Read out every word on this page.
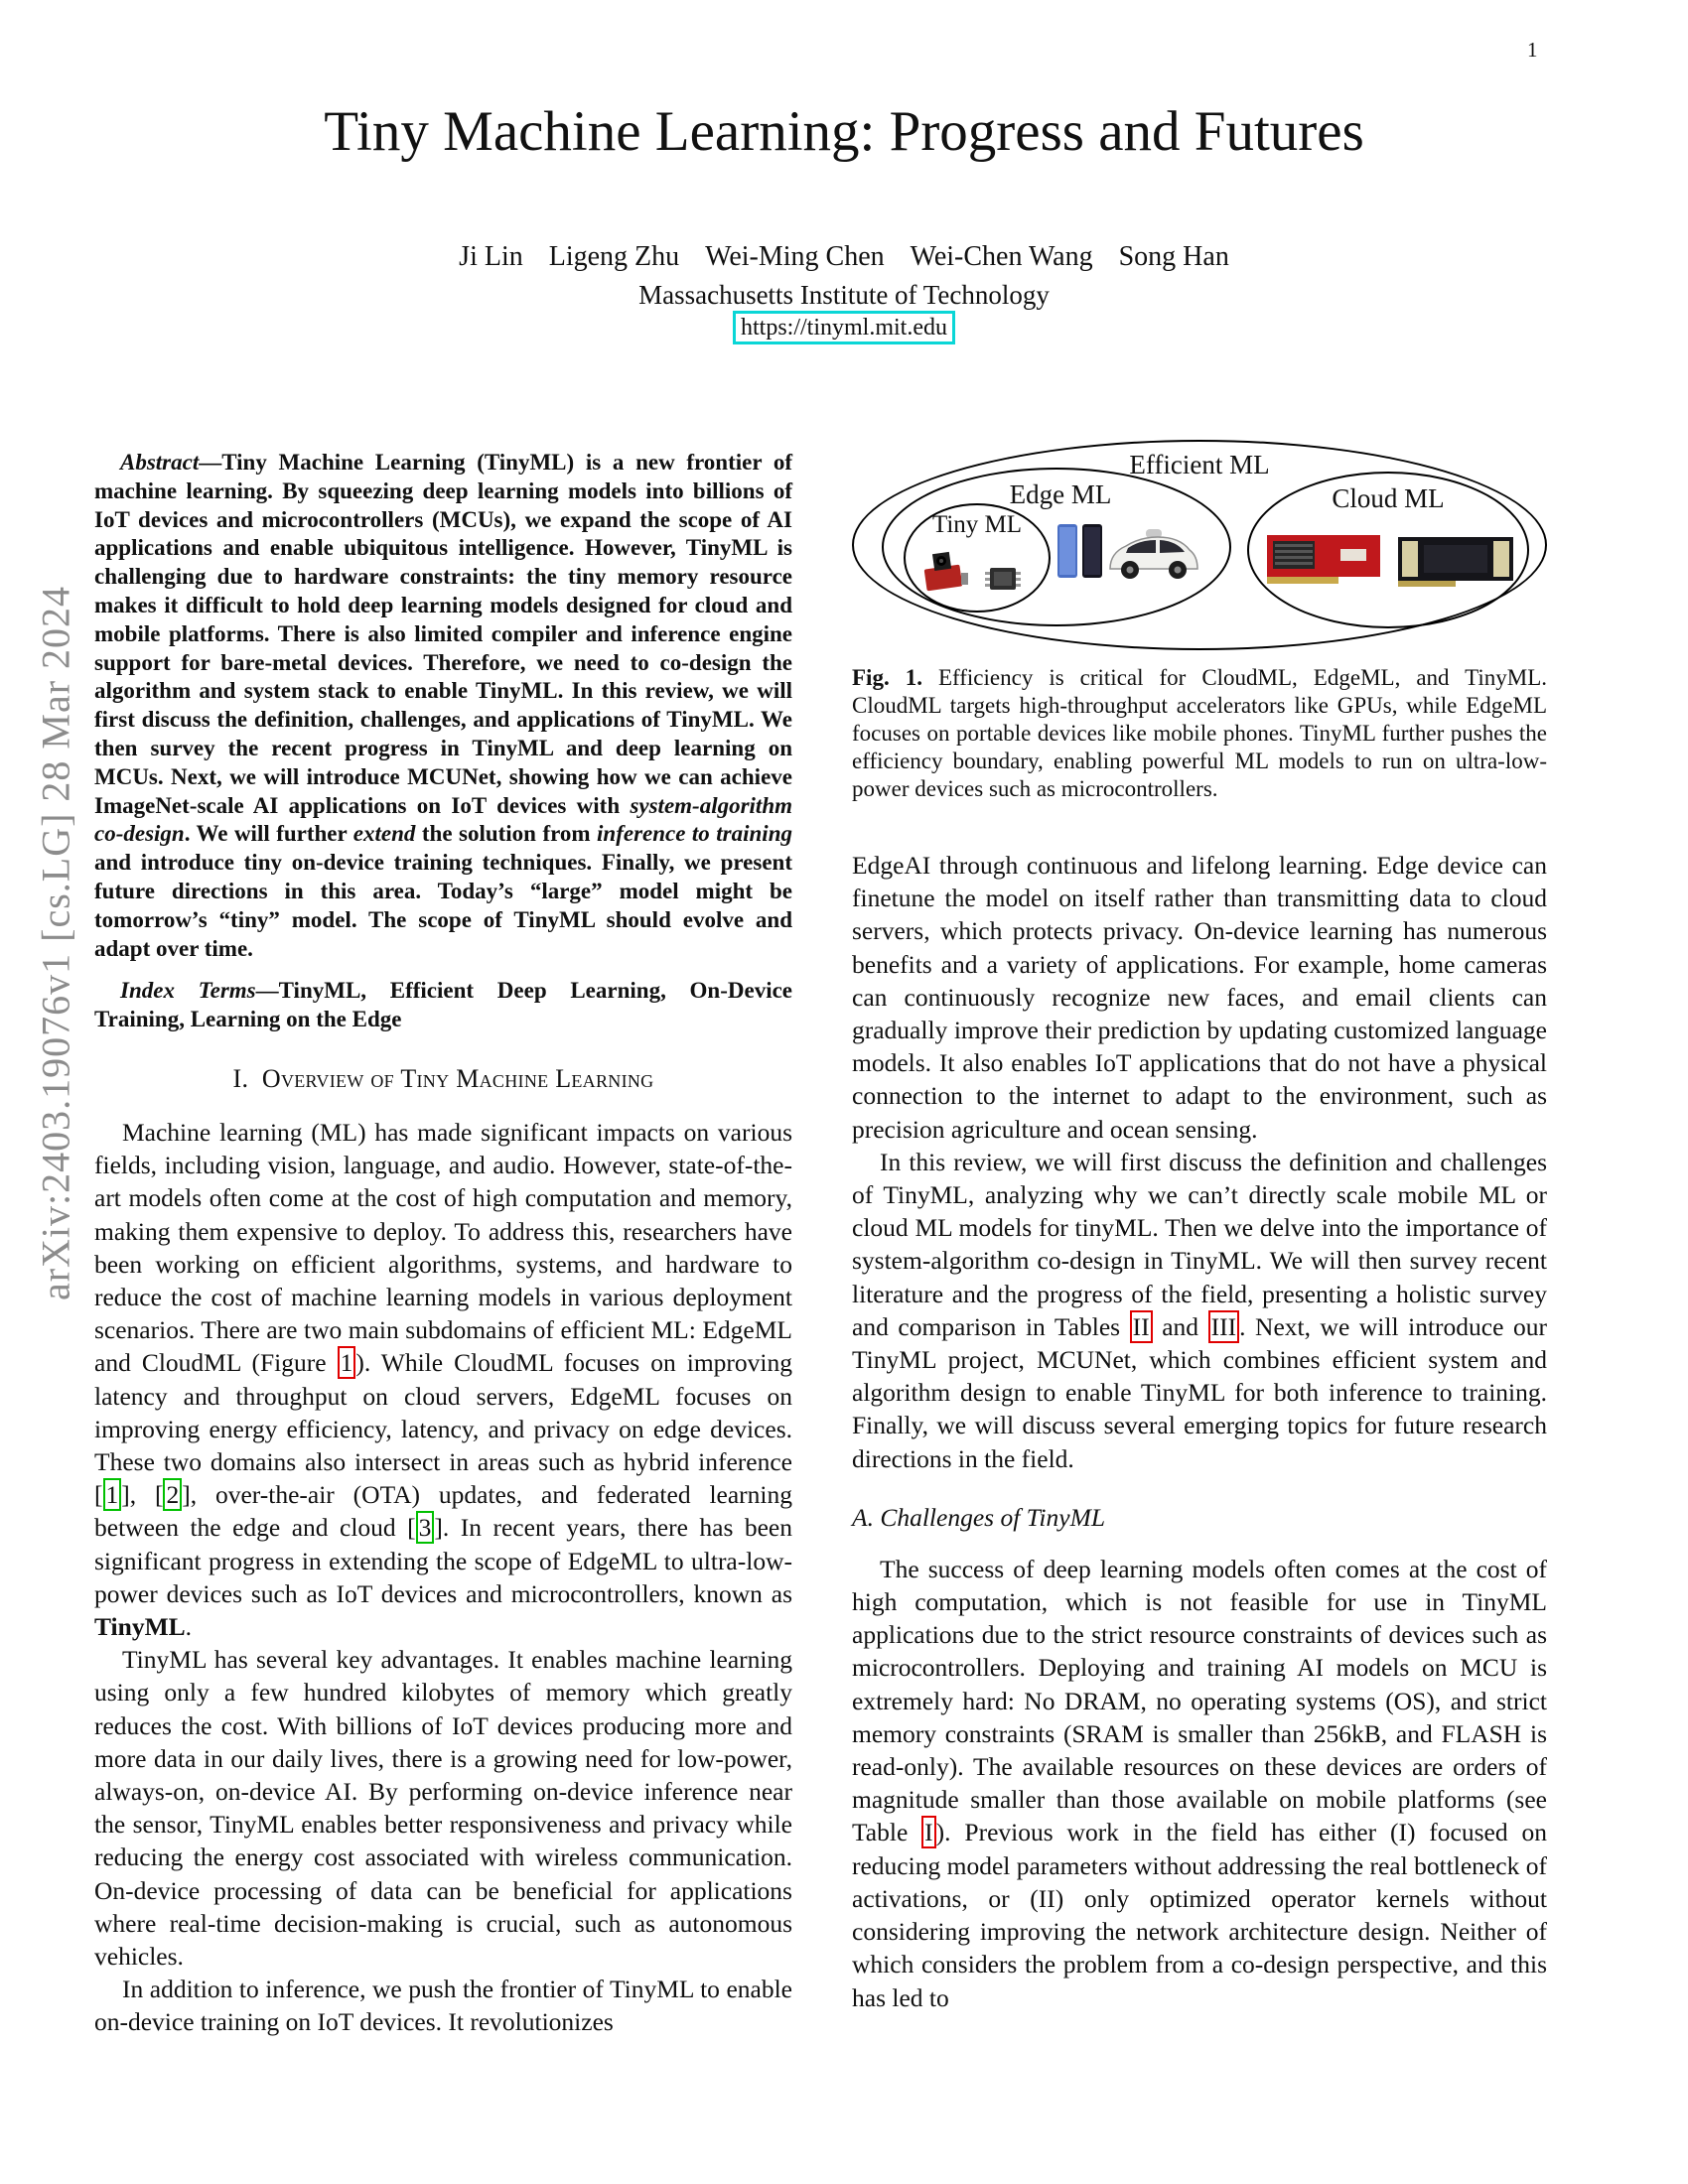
1
arXiv:2403.19076v1 [cs.LG] 28 Mar 2024
Tiny Machine Learning: Progress and Futures
Ji Lin Ligeng Zhu Wei-Ming Chen Wei-Chen Wang Song Han
Massachusetts Institute of Technology
https://tinyml.mit.edu

Abstract—Tiny Machine Learning (TinyML) is a new frontier of machine learning. By squeezing deep learning models into billions of IoT devices and microcontrollers (MCUs), we expand the scope of AI applications and enable ubiquitous intelligence. However, TinyML is challenging due to hardware constraints: the tiny memory resource makes it difficult to hold deep learning models designed for cloud and mobile platforms. There is also limited compiler and inference engine support for bare-metal devices. Therefore, we need to co-design the algorithm and system stack to enable TinyML. In this review, we will first discuss the definition, challenges, and applications of TinyML. We then survey the recent progress in TinyML and deep learning on MCUs. Next, we will introduce MCUNet, showing how we can achieve ImageNet-scale AI applications on IoT devices with system-algorithm co-design. We will further extend the solution from inference to training and introduce tiny on-device training techniques. Finally, we present future directions in this area. Today’s “large” model might be tomorrow’s “tiny” model. The scope of TinyML should evolve and adapt over time.

Index Terms—TinyML, Efficient Deep Learning, On-Device Training, Learning on the Edge

I.  Overview of Tiny Machine Learning

Machine learning (ML) has made significant impacts on various fields, including vision, language, and audio. However, state-of-the-art models often come at the cost of high computation and memory, making them expensive to deploy. To address this, researchers have been working on efficient algorithms, systems, and hardware to reduce the cost of machine learning models in various deployment scenarios. There are two main subdomains of efficient ML: EdgeML and CloudML (Figure 1 ). While CloudML focuses on improving latency and throughput on cloud servers, EdgeML focuses on improving energy efficiency, latency, and privacy on edge devices. These two domains also intersect in areas such as hybrid inference [ 1 ], [ 2 ], over-the-air (OTA) updates, and federated learning between the edge and cloud [ 3 ]. In recent years, there has been significant progress in extending the scope of EdgeML to ultra-low-power devices such as IoT devices and microcontrollers, known as TinyML.

TinyML has several key advantages. It enables machine learning using only a few hundred kilobytes of memory which greatly reduces the cost. With billions of IoT devices producing more and more data in our daily lives, there is a growing need for low-power, always-on, on-device AI. By performing on-device inference near the sensor, TinyML enables better responsiveness and privacy while reducing the energy cost associated with wireless communication. On-device processing of data can be beneficial for applications where real-time decision-making is crucial, such as autonomous vehicles.

In addition to inference, we push the frontier of TinyML to enable on-device training on IoT devices. It revolutionizes

Efficient ML
Edge ML
Tiny ML
Cloud ML

Fig. 1. Efficiency is critical for CloudML, EdgeML, and TinyML. CloudML targets high-throughput accelerators like GPUs, while EdgeML focuses on portable devices like mobile phones. TinyML further pushes the efficiency boundary, enabling powerful ML models to run on ultra-low-power devices such as microcontrollers.

EdgeAI through continuous and lifelong learning. Edge device can finetune the model on itself rather than transmitting data to cloud servers, which protects privacy. On-device learning has numerous benefits and a variety of applications. For example, home cameras can continuously recognize new faces, and email clients can gradually improve their prediction by updating customized language models. It also enables IoT applications that do not have a physical connection to the internet to adapt to the environment, such as precision agriculture and ocean sensing.

In this review, we will first discuss the definition and challenges of TinyML, analyzing why we can’t directly scale mobile ML or cloud ML models for tinyML. Then we delve into the importance of system-algorithm co-design in TinyML. We will then survey recent literature and the progress of the field, presenting a holistic survey and comparison in Tables II and III . Next, we will introduce our TinyML project, MCUNet, which combines efficient system and algorithm design to enable TinyML for both inference to training. Finally, we will discuss several emerging topics for future research directions in the field.

A. Challenges of TinyML

The success of deep learning models often comes at the cost of high computation, which is not feasible for use in TinyML applications due to the strict resource constraints of devices such as microcontrollers. Deploying and training AI models on MCU is extremely hard: No DRAM, no operating systems (OS), and strict memory constraints (SRAM is smaller than 256kB, and FLASH is read-only). The available resources on these devices are orders of magnitude smaller than those available on mobile platforms (see Table I ). Previous work in the field has either (I) focused on reducing model parameters without addressing the real bottleneck of activations, or (II) only optimized operator kernels without considering improving the network architecture design. Neither of which considers the problem from a co-design perspective, and this has led to
